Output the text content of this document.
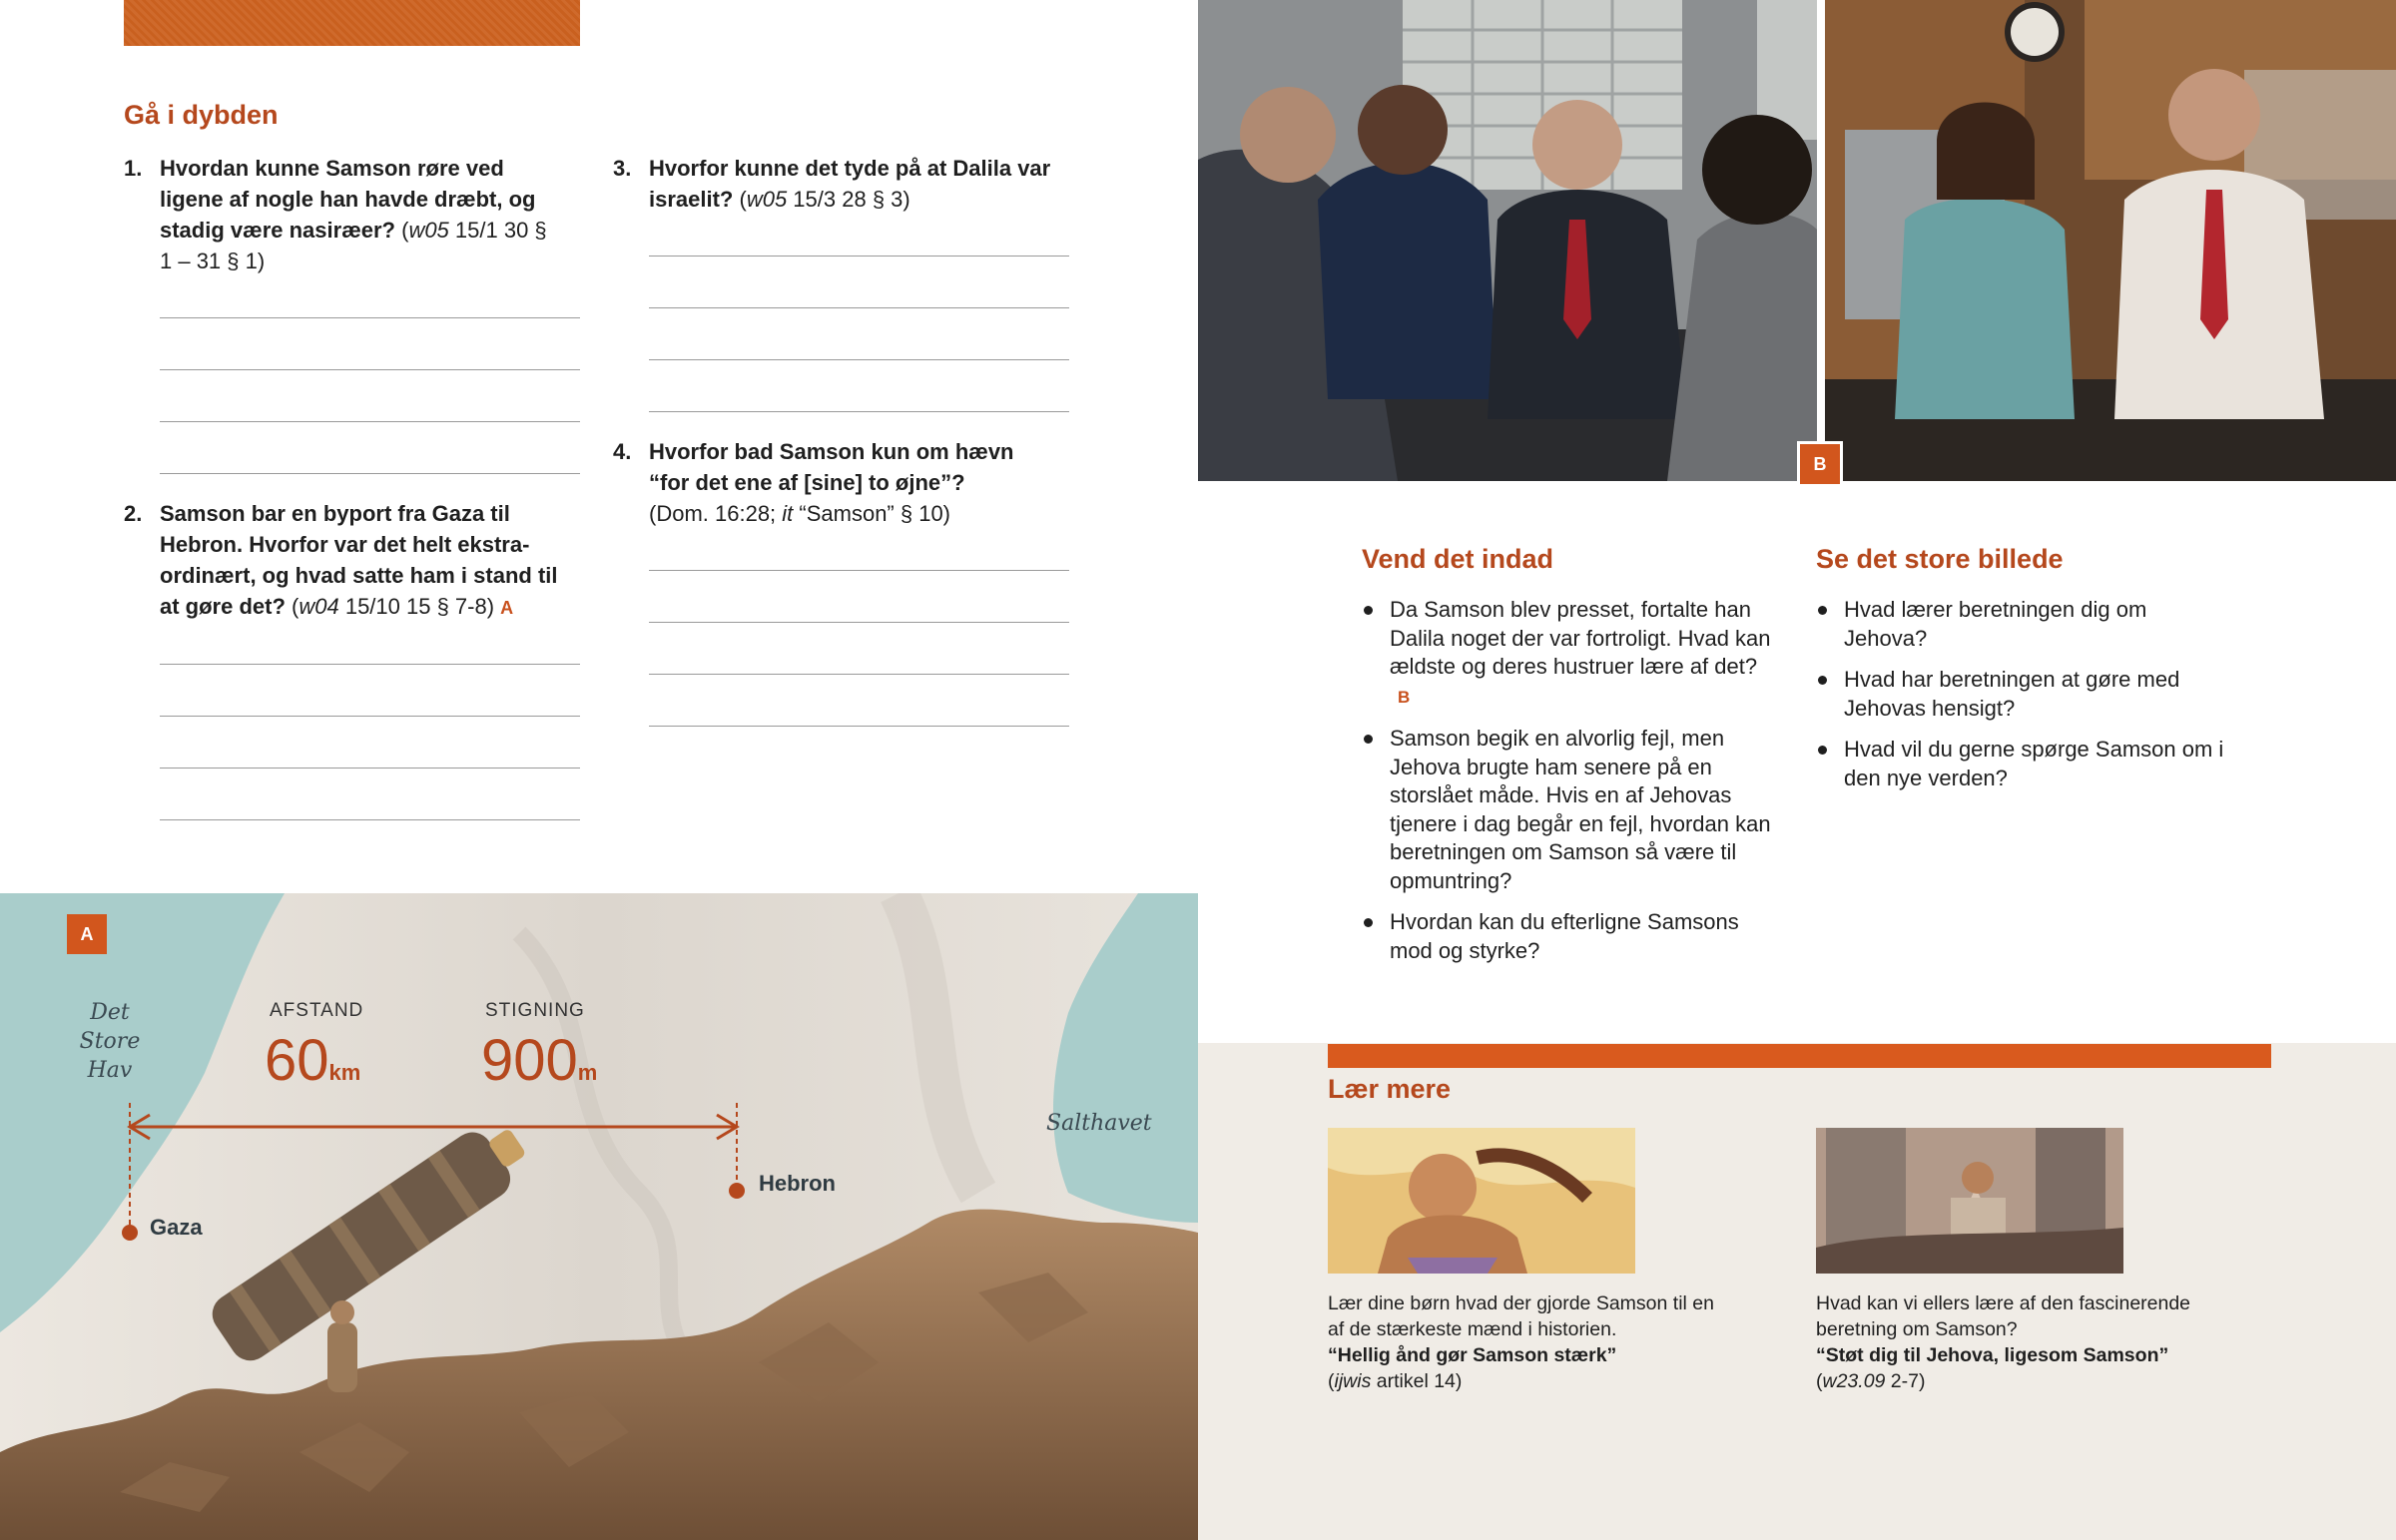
Gå i dybden
1. Hvordan kunne Samson røre ved ligene af nogle han havde dræbt, og stadig være nasiræer? (w05 15/1 30 § 1 – 31 § 1)
2. Samson bar en byport fra Gaza til Hebron. Hvorfor var det helt ekstra-ordinært, og hvad satte ham i stand til at gøre det? (w04 15/10 15 § 7-8) A
3. Hvorfor kunne det tyde på at Dalila var israelit? (w05 15/3 28 § 3)
4. Hvorfor bad Samson kun om hævn “for det ene af [sine] to øjne”?
(Dom. 16:28; it “Samson” § 10)
A
Det
Store
Hav
Salthavet
AFSTAND
60km
STIGNING
900m
Gaza
Hebron
B
Vend det indad
Da Samson blev presset, fortalte han Dalila noget der var fortroligt. Hvad kan ældste og deres hustruer lære af det?B
Samson begik en alvorlig fejl, men Jehova brugte ham senere på en storslået måde. Hvis en af Jehovas tjenere i dag begår en fejl, hvordan kan beretningen om Samson så være til opmuntring?
Hvordan kan du efterligne Samsons mod og styrke?
Se det store billede
Hvad lærer beretningen dig om Jehova?
Hvad har beretningen at gøre med Jehovas hensigt?
Hvad vil du gerne spørge Samson om i den nye verden?
Lær mere
Lær dine børn hvad der gjorde Samson til en af de stærkeste mænd i historien.
“Hellig ånd gør Samson stærk”
(ijwis artikel 14)
Hvad kan vi ellers lære af den fascinerende beretning om Samson?
“Støt dig til Jehova, ligesom Samson”
(w23.09 2-7)
